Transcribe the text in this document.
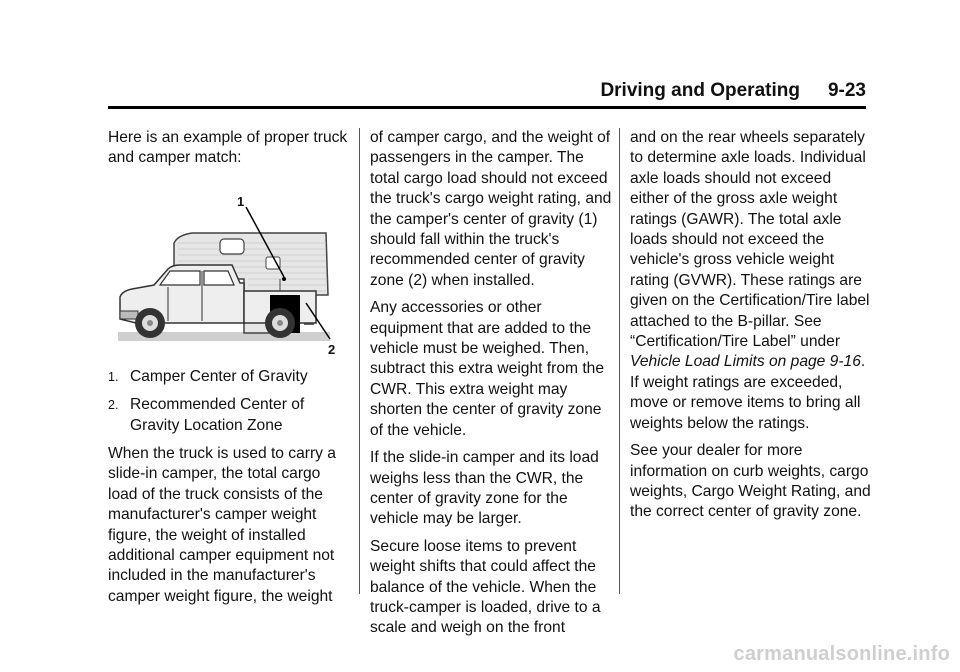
Driving and Operating 9-23

Here is an example of proper truck and camper match:

1
2
1. Camper Center of Gravity
2. Recommended Center of Gravity Location Zone

When the truck is used to carry a slide-in camper, the total cargo load of the truck consists of the manufacturer's camper weight figure, the weight of installed additional camper equipment not included in the manufacturer's camper weight figure, the weight

of camper cargo, and the weight of passengers in the camper. The total cargo load should not exceed the truck's cargo weight rating, and the camper's center of gravity (1) should fall within the truck's recommended center of gravity zone (2) when installed.

Any accessories or other equipment that are added to the vehicle must be weighed. Then, subtract this extra weight from the CWR. This extra weight may shorten the center of gravity zone of the vehicle.

If the slide-in camper and its load weighs less than the CWR, the center of gravity zone for the vehicle may be larger.

Secure loose items to prevent weight shifts that could affect the balance of the vehicle. When the truck-camper is loaded, drive to a scale and weigh on the front

and on the rear wheels separately to determine axle loads. Individual axle loads should not exceed either of the gross axle weight ratings (GAWR). The total axle loads should not exceed the vehicle's gross vehicle weight rating (GVWR). These ratings are given on the Certification/Tire label attached to the B-pillar. See “Certification/Tire Label” under Vehicle Load Limits on page 9-16. If weight ratings are exceeded, move or remove items to bring all weights below the ratings.

See your dealer for more information on curb weights, cargo weights, Cargo Weight Rating, and the correct center of gravity zone.

carmanualsonline.info
